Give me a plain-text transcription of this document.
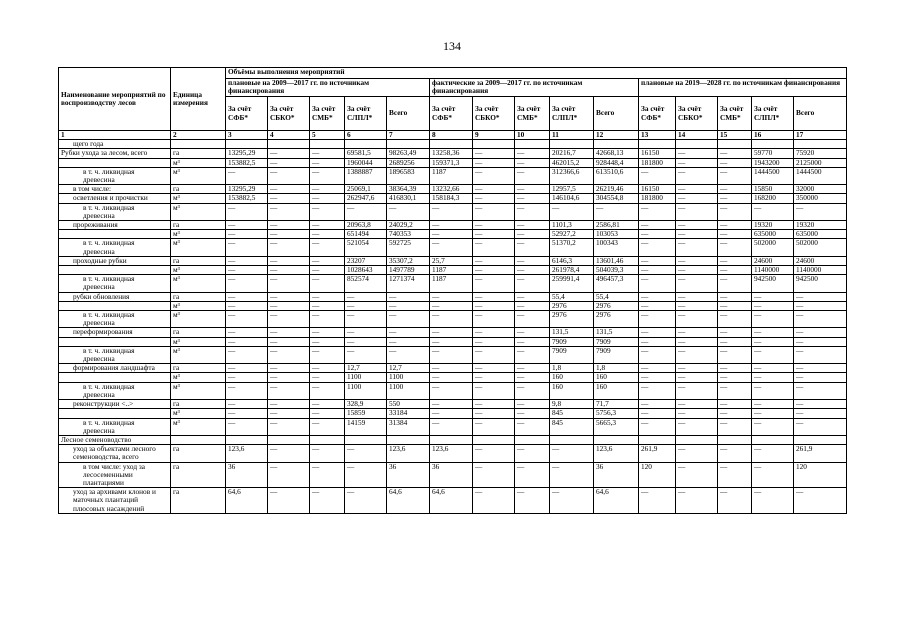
134
Наименование мероприятий по воспроизводству лесов	Единица измерения	Объёмы выполнения мероприятий														
		плановые на 2009—2017 гг. по источникам финансирования					фактические за 2009—2017 гг. по источникам финансирования					плановые на 2019—2028 гг. по источникам финансирования				
		За счёт СФБ*	За счёт СБКО*	За счёт СМБ*	За счёт СЛПЛ*	Всего	За счёт СФБ*	За счёт СБКО*	За счёт СМБ*	За счёт СЛПЛ*	Всего	За счёт СФБ*	За счёт СБКО*	За счёт СМБ*	За счёт СЛПЛ*	Всего
1	2	3	4	5	6	7	8	9	10	11	12	13	14	15	16	17
щего года																
Рубки ухода за лесом, всего	га	13295,29	—	—	69581,5	98263,49	13258,36	—	—	20216,7	42668,13	16150	—	—	59770	75920
	м³	153882,5	—	—	1960044	2689256	159371,3	—	—	462015,2	928448,4	181800	—	—	1943200	2125000
в т. ч. ликвидная древесина	м³	—	—	—	1388887	1896583	1187	—	—	312366,6	613510,6	—	—	—	1444500	1444500
в том числе:	га	13295,29	—	—	25069,1	38364,39	13232,66	—	—	12957,5	26219,46	16150	—	—	15850	32000
осветления и прочистки	м³	153882,5	—	—	262947,6	416830,1	158184,3	—	—	146104,6	304554,8	181800	—	—	168200	350000
в т. ч. ликвидная древесина	м³	—	—	—	—	—	—	—	—	—	—	—	—	—	—	—
прореживания	га	—	—	—	20963,8	24029,2	—	—	—	1101,3	2586,81	—	—	—	19320	19320
	м³	—	—	—	651494	740353	—	—	—	52927,2	103053	—	—	—	635000	635000
в т. ч. ликвидная древесина	м³	—	—	—	521054	592725	—	—	—	51370,2	100343	—	—	—	502000	502000
проходные рубки	га	—	—	—	23207	35307,2	25,7	—	—	6146,3	13601,46	—	—	—	24600	24600
	м³	—	—	—	1028643	1497789	1187	—	—	261978,4	504039,3	—	—	—	1140000	1140000
в т. ч. ликвидная древесина	м³	—	—	—	852574	1271374	1187	—	—	259991,4	496457,3	—	—	—	942500	942500
рубки обновления	га	—	—	—	—	—	—	—	—	55,4	55,4	—	—	—	—	—
	м³	—	—	—	—	—	—	—	—	2976	2976	—	—	—	—	—
в т. ч. ликвидная древесина	м³	—	—	—	—	—	—	—	—	2976	2976	—	—	—	—	—
переформирования	га	—	—	—	—	—	—	—	—	131,5	131,5	—	—	—	—	—
	м³	—	—	—	—	—	—	—	—	7909	7909	—	—	—	—	—
в т. ч. ликвидная древесина	м³	—	—	—	—	—	—	—	—	7909	7909	—	—	—	—	—
формирования ландшафта	га	—	—	—	12,7	12,7	—	—	—	1,8	1,8	—	—	—	—	—
	м³	—	—	—	1100	1100	—	—	—	160	160	—	—	—	—	—
в т. ч. ликвидная древесина	м³	—	—	—	1100	1100	—	—	—	160	160	—	—	—	—	—
реконструкции <..>	га	—	—	—	328,9	550	—	—	—	9,8	71,7	—	—	—	—	—
	м³	—	—	—	15859	33184	—	—	—	845	5756,3	—	—	—	—	—
в т. ч. ликвидная древесина	м³	—	—	—	14159	31384	—	—	—	845	5665,3	—	—	—	—	—
Лесное семеноводство																
уход за объектами лесного семеноводства, всего	га	123,6	—	—	—	123,6	123,6	—	—	—	123,6	261,9	—	—	—	261,9
в том числе: уход за лесосеменными плантациями	га	36	—	—	—	36	36	—	—	—	36	120	—	—	—	120
уход за архивами клонов и маточных плантаций плюсовых насаждений	га	64,6	—	—	—	64,6	64,6	—	—	—	64,6	—	—	—	—	—
